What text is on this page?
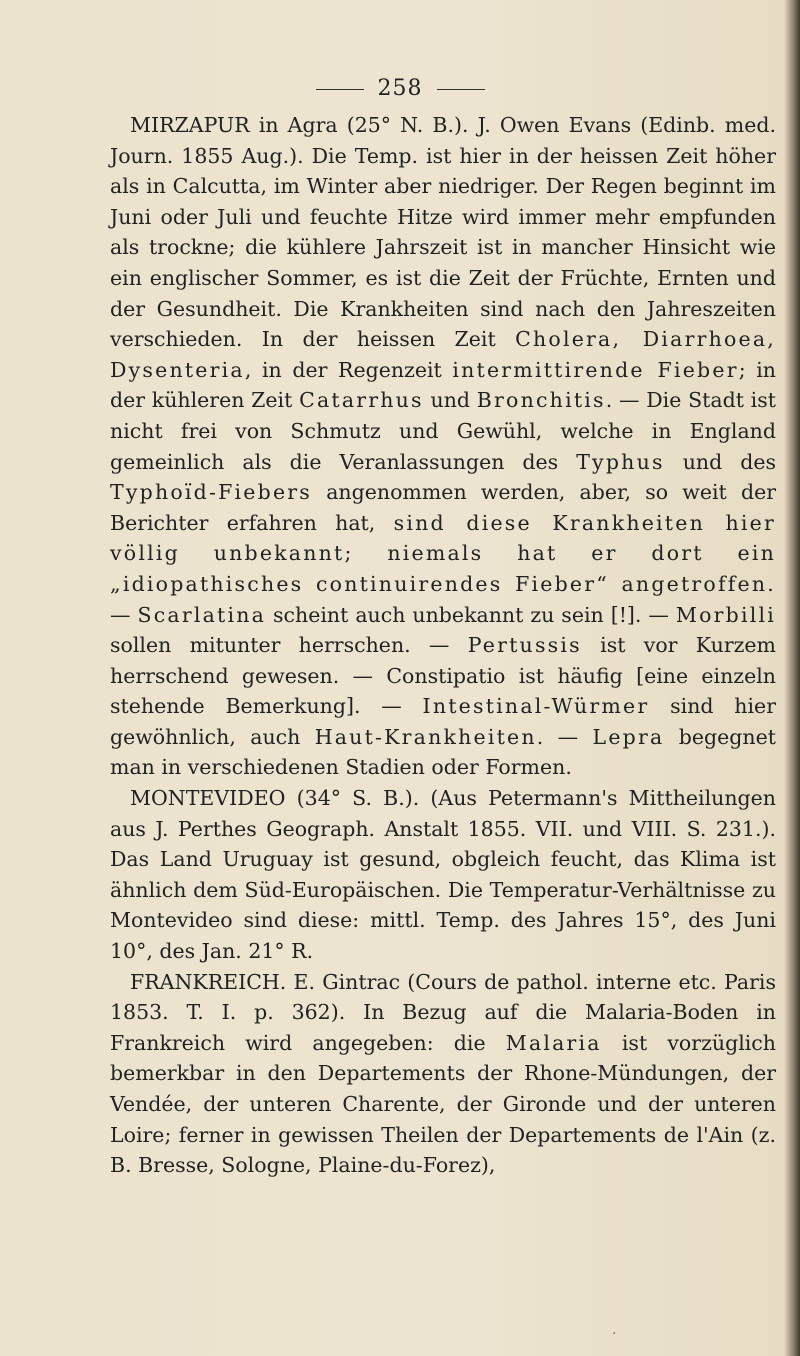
258

MIRZAPUR in Agra (25° N. B.). J. Owen Evans (Edinb. med. Journ. 1855 Aug.). Die Temp. ist hier in der heissen Zeit höher als in Calcutta, im Winter aber niedriger. Der Regen beginnt im Juni oder Juli und feuchte Hitze wird immer mehr empfunden als trockne; die kühlere Jahrszeit ist in mancher Hinsicht wie ein englischer Sommer, es ist die Zeit der Früchte, Ernten und der Gesundheit. Die Krankheiten sind nach den Jahreszeiten verschieden. In der heissen Zeit Cholera, Diarrhoea, Dysenteria, in der Regenzeit intermittirende Fieber; in der kühleren Zeit Catarrhus und Bronchitis. — Die Stadt ist nicht frei von Schmutz und Gewühl, welche in England gemeinlich als die Veranlassungen des Typhus und des Typhoïd-Fiebers angenommen werden, aber, so weit der Berichter erfahren hat, sind diese Krankheiten hier völlig unbekannt; niemals hat er dort ein „idiopathisches continuirendes Fieber“ angetroffen. — Scarlatina scheint auch unbekannt zu sein [!]. — Morbilli sollen mitunter herrschen. — Pertussis ist vor Kurzem herrschend gewesen. — Constipatio ist häufig [eine einzeln stehende Bemerkung]. — Intestinal-Würmer sind hier gewöhnlich, auch Haut-Krankheiten. — Lepra begegnet man in verschiedenen Stadien oder Formen.

MONTEVIDEO (34° S. B.). (Aus Petermann's Mittheilungen aus J. Perthes Geograph. Anstalt 1855. VII. und VIII. S. 231.). Das Land Uruguay ist gesund, obgleich feucht, das Klima ist ähnlich dem Süd-Europäischen. Die Temperatur-Verhältnisse zu Montevideo sind diese: mittl. Temp. des Jahres 15°, des Juni 10°, des Jan. 21° R.

FRANKREICH. E. Gintrac (Cours de pathol. interne etc. Paris 1853. T. I. p. 362). In Bezug auf die Malaria-Boden in Frankreich wird angegeben: die Malaria ist vorzüglich bemerkbar in den Departements der Rhone-Mündungen, der Vendée, der unteren Charente, der Gironde und der unteren Loire; ferner in gewissen Theilen der Departements de l'Ain (z. B. Bresse, Sologne, Plaine-du-Forez),

·
